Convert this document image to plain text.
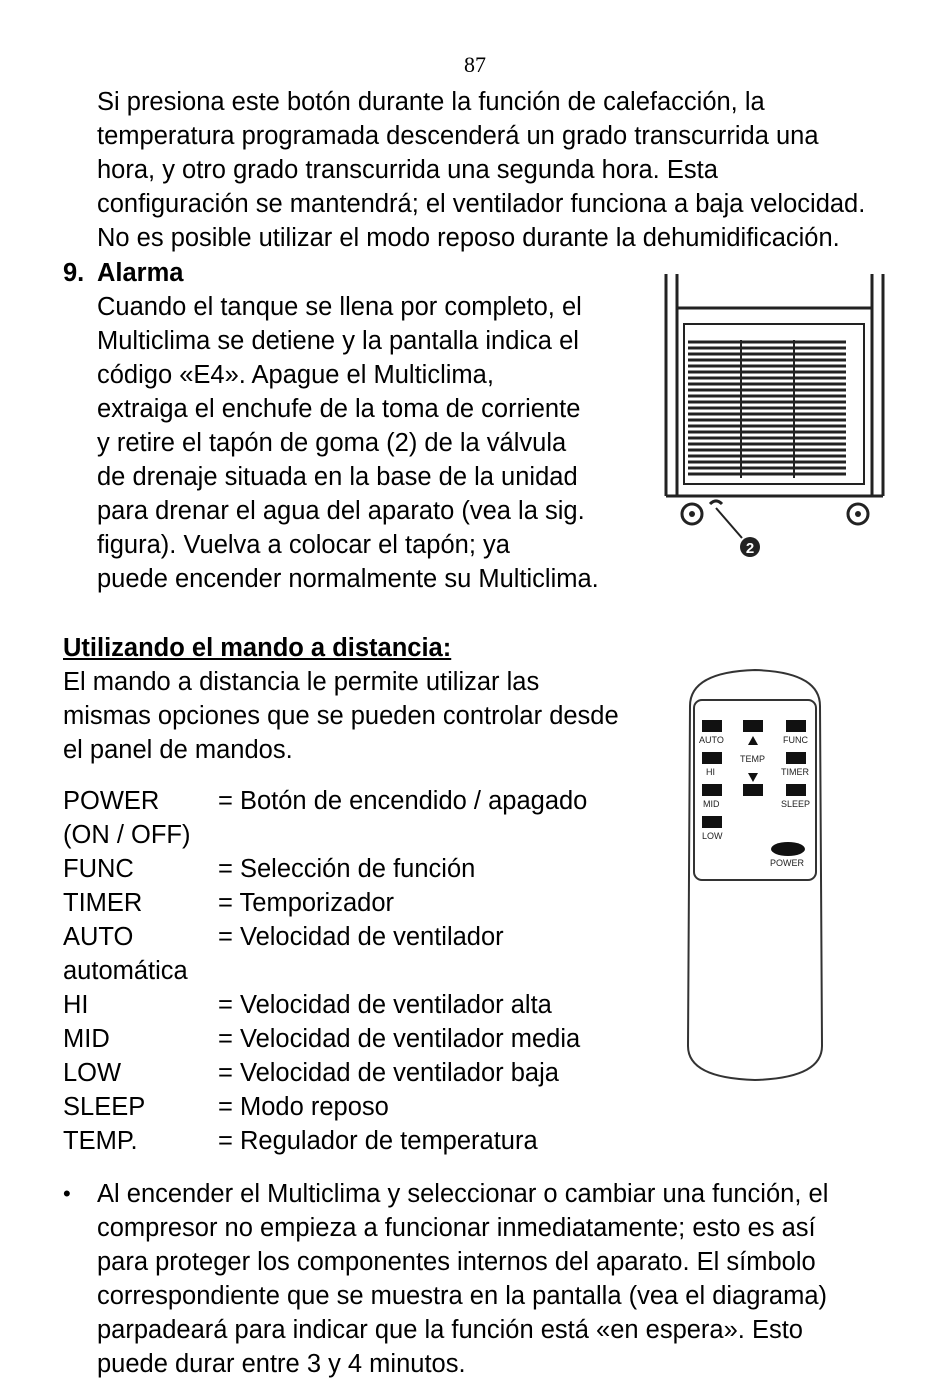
87
Si presiona este botón durante la función de calefacción, la
temperatura programada descenderá un grado transcurrida una
hora, y otro grado transcurrida una segunda hora. Esta
configuración se mantendrá; el ventilador funciona a baja velocidad.
No es posible utilizar el modo reposo durante la dehumidificación.
9. Alarma
Cuando el tanque se llena por completo, el
Multiclima se detiene y la pantalla indica el
código «E4». Apague el Multiclima,
extraiga el enchufe de la toma de corriente
y retire el tapón de goma (2) de la válvula
de drenaje situada en la base de la unidad
para drenar el agua del aparato (vea la sig.
figura). Vuelva a colocar el tapón; ya
puede encender normalmente su Multiclima.
2
Utilizando el mando a distancia:
El mando a distancia le permite utilizar las
mismas opciones que se pueden controlar desde
el panel de mandos.
POWER = Botón de encendido / apagado
(ON / OFF)
FUNC	= Selección de función
TIMER	= Temporizador
AUTO	= Velocidad de ventilador
automática
HI	= Velocidad de ventilador alta
MID	= Velocidad de ventilador media
LOW	= Velocidad de ventilador baja
SLEEP	= Modo reposo
TEMP.	= Regulador de temperatura
AUTO	FUNC
TEMP
HI	TIMER
MID	SLEEP
LOW
POWER
• Al encender el Multiclima y seleccionar o cambiar una función, el
compresor no empieza a funcionar inmediatamente; esto es así
para proteger los componentes internos del aparato. El símbolo
correspondiente que se muestra en la pantalla (vea el diagrama)
parpadeará para indicar que la función está «en espera». Esto
puede durar entre 3 y 4 minutos.
